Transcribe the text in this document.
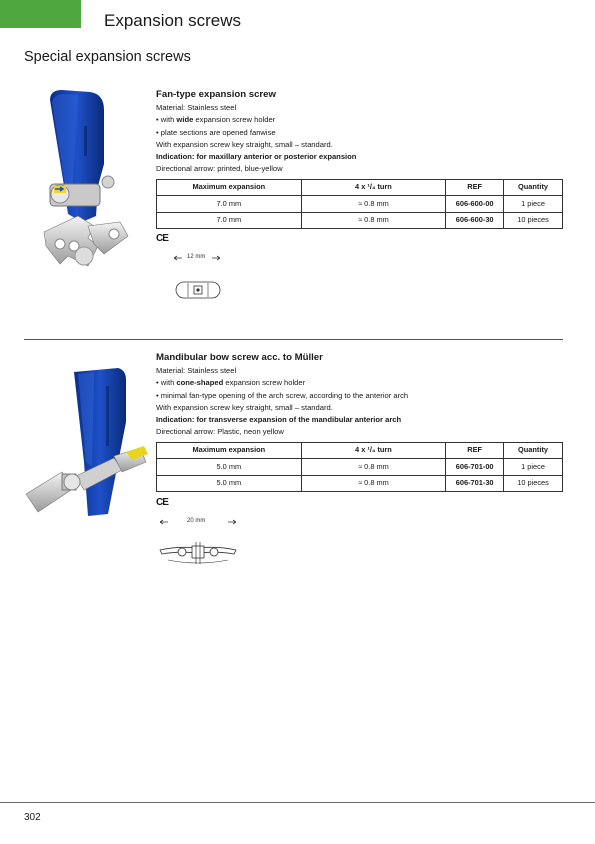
Expansion screws
Special expansion screws
Fan-type expansion screw
Material: Stainless steel
• with wide expansion screw holder
• plate sections are opened fanwise
With expansion screw key straight, small – standard.
Indication: for maxillary anterior or posterior expansion
Directional arrow: printed, blue-yellow
Maximum expansion	4 x ¹/₄ turn	REF	Quantity
7.0 mm	≈ 0.8 mm	606-600-00	1 piece
7.0 mm	≈ 0.8 mm	606-600-30	10 pieces
CE
12 mm
Mandibular bow screw acc. to Müller
Material: Stainless steel
• with cone-shaped expansion screw holder
• minimal fan-type opening of the arch screw, according to the anterior arch
With expansion screw key straight, small – standard.
Indication: for transverse expansion of the mandibular anterior arch
Directional arrow: Plastic, neon yellow
Maximum expansion	4 x ¹/₄ turn	REF	Quantity
5.0 mm	≈ 0.8 mm	606-701-00	1 piece
5.0 mm	≈ 0.8 mm	606-701-30	10 pieces
CE
20 mm
302
